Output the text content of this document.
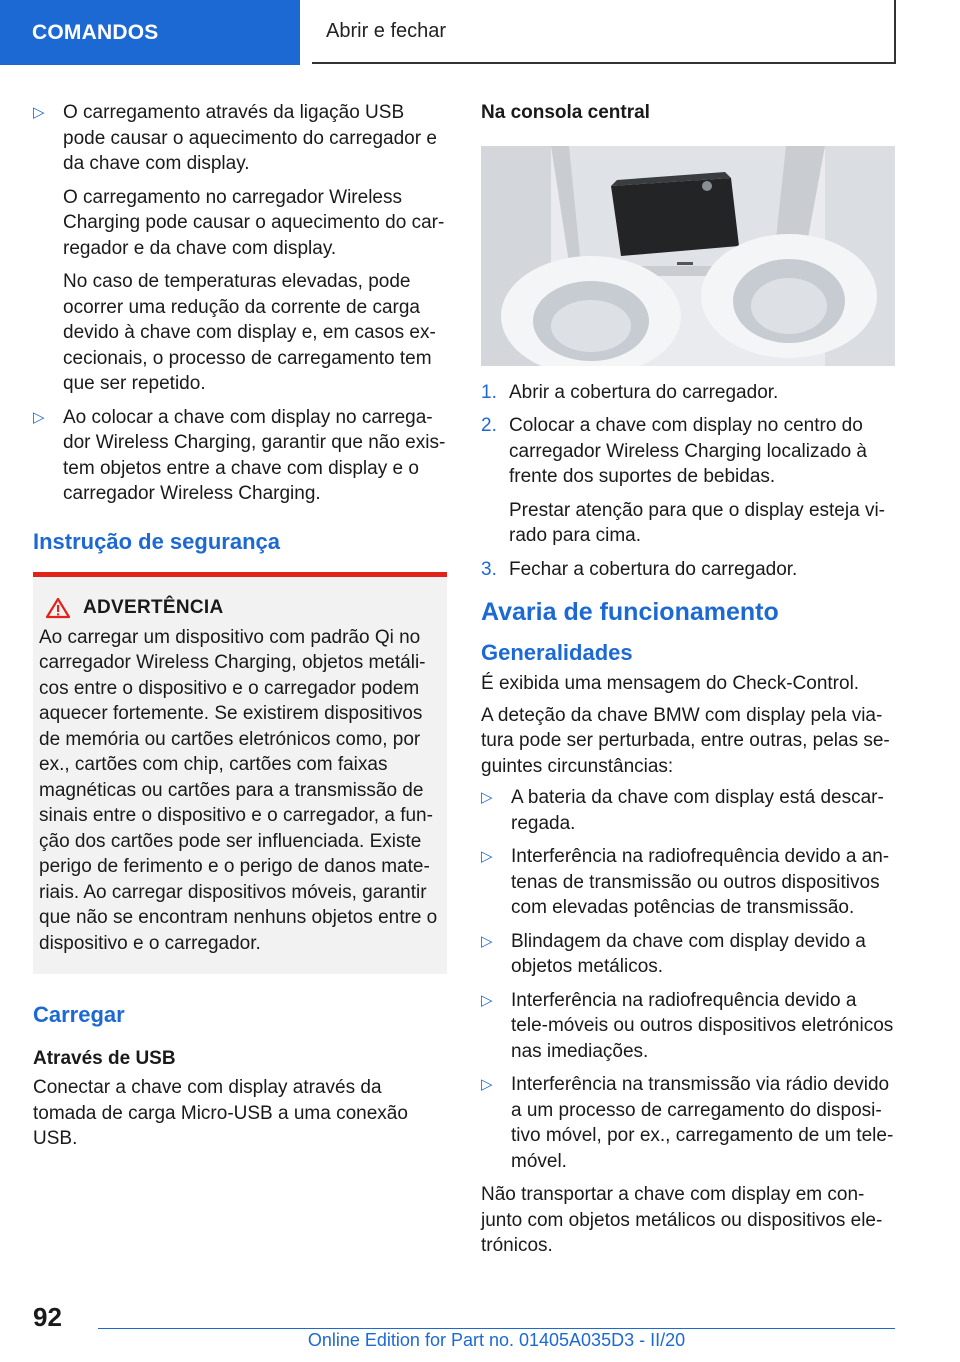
COMANDOS	Abrir e fechar
▷ O carregamento através da ligação USB pode causar o aquecimento do carregador e da chave com display.

O carregamento no carregador Wireless Charging pode causar o aquecimento do car-regador e da chave com display.

No caso de temperaturas elevadas, pode ocorrer uma redução da corrente de carga devido à chave com display e, em casos ex-cecionais, o processo de carregamento tem que ser repetido.

▷ Ao colocar a chave com display no carrega-dor Wireless Charging, garantir que não exis-tem objetos entre a chave com display e o carregador Wireless Charging.

Instrução de segurança
ADVERTÊNCIA

Ao carregar um dispositivo com padrão Qi no carregador Wireless Charging, objetos metáli-cos entre o dispositivo e o carregador podem aquecer fortemente. Se existirem dispositivos de memória ou cartões eletrónicos como, por ex., cartões com chip, cartões com faixas magnéticas ou cartões para a transmissão de sinais entre o dispositivo e o carregador, a fun-ção dos cartões pode ser influenciada. Existe perigo de ferimento e o perigo de danos mate-riais. Ao carregar dispositivos móveis, garantir que não se encontram nenhuns objetos entre o dispositivo e o carregador.

Carregar
Através de USB

Conectar a chave com display através da tomada de carga Micro-USB a uma conexão USB.

Na consola central
1. Abrir a cobertura do carregador.

2. Colocar a chave com display no centro do carregador Wireless Charging localizado à frente dos suportes de bebidas.

Prestar atenção para que o display esteja vi-rado para cima.

3. Fechar a cobertura do carregador.

Avaria de funcionamento
Generalidades

É exibida uma mensagem do Check-Control.

A deteção da chave BMW com display pela via-tura pode ser perturbada, entre outras, pelas se-guintes circunstâncias:

▷ A bateria da chave com display está descar-regada.

▷ Interferência na radiofrequência devido a an-tenas de transmissão ou outros dispositivos com elevadas potências de transmissão.

▷ Blindagem da chave com display devido a objetos metálicos.

▷ Interferência na radiofrequência devido a tele-móveis ou outros dispositivos eletrónicos nas imediações.

▷ Interferência na transmissão via rádio devido a um processo de carregamento do disposi-tivo móvel, por ex., carregamento de um tele-móvel.

Não transportar a chave com display em con-junto com objetos metálicos ou dispositivos ele-trónicos.

92
Online Edition for Part no. 01405A035D3 - II/20
